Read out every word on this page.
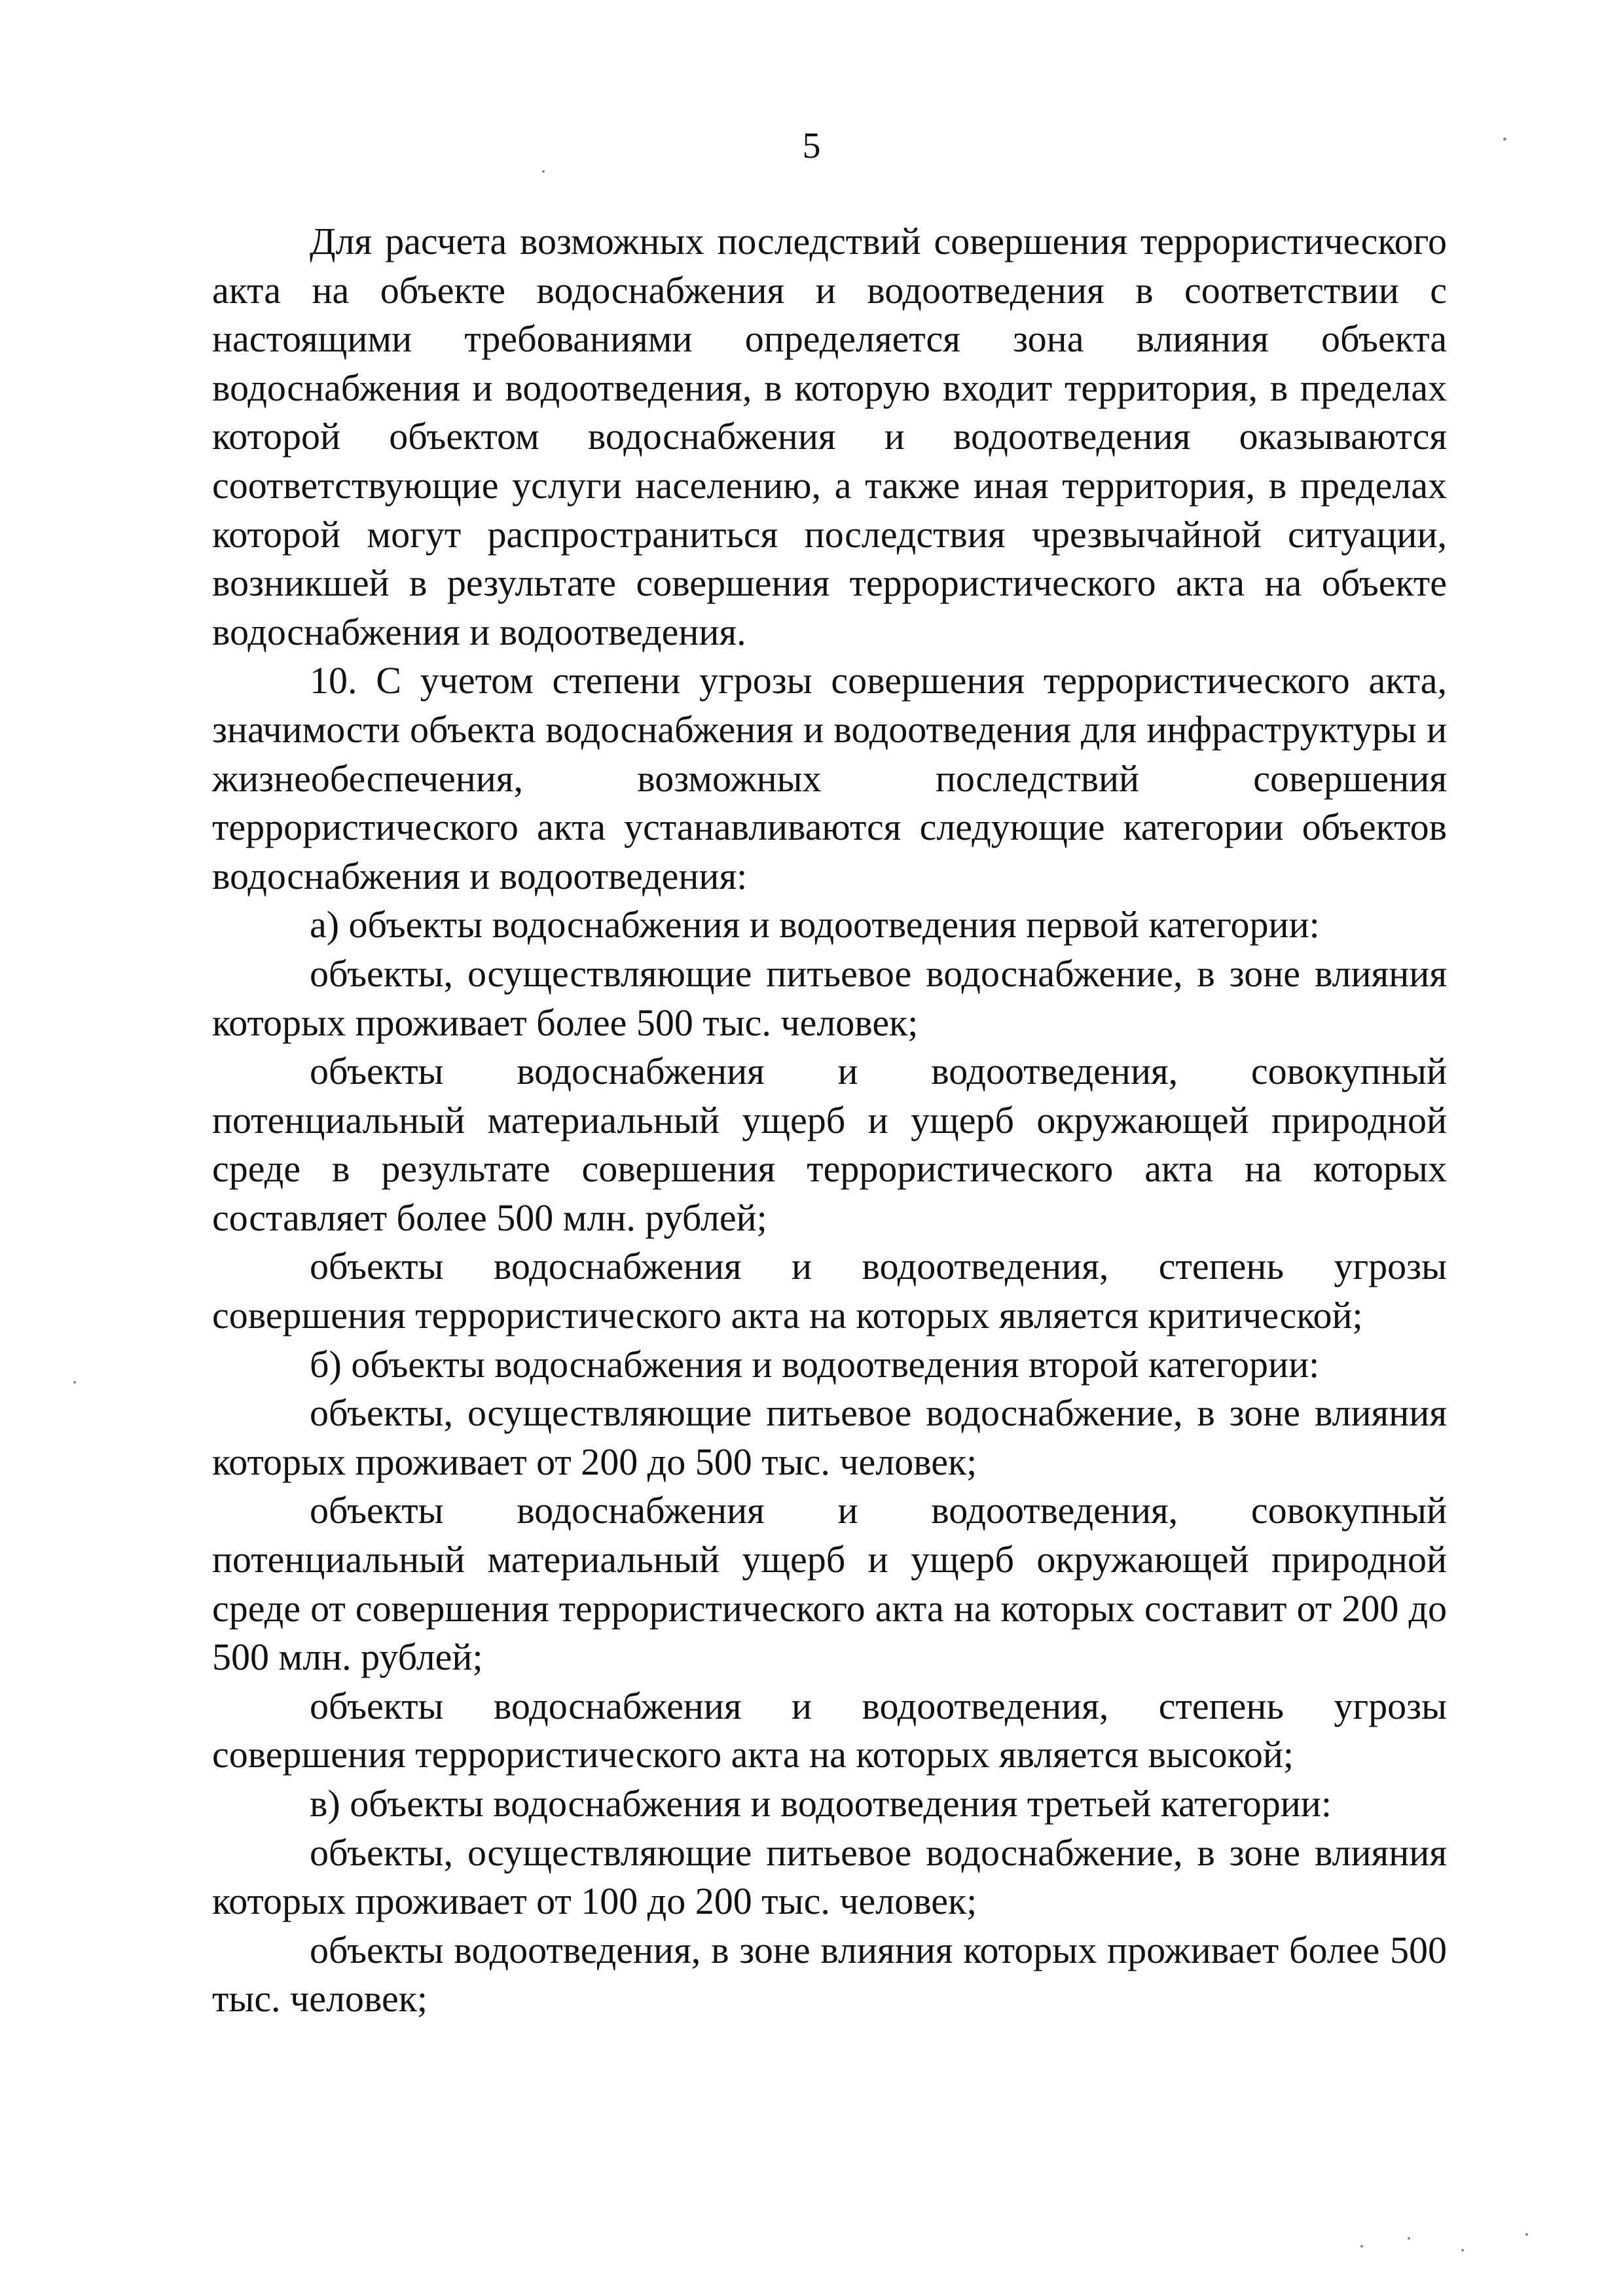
5

Для расчета возможных последствий совершения террористического акта на объекте водоснабжения и водоотведения в соответствии с настоящими требованиями определяется зона влияния объекта водоснабжения и водоотведения, в которую входит территория, в пределах которой объектом водоснабжения и водоотведения оказываются соответствующие услуги населению, а также иная территория, в пределах которой могут распространиться последствия чрезвычайной ситуации, возникшей в результате совершения террористического акта на объекте водоснабжения и водоотведения.

10. С учетом степени угрозы совершения террористического акта, значимости объекта водоснабжения и водоотведения для инфраструктуры и жизнеобеспечения, возможных последствий совершения террористического акта устанавливаются следующие категории объектов водоснабжения и водоотведения:

а) объекты водоснабжения и водоотведения первой категории:

объекты, осуществляющие питьевое водоснабжение, в зоне влияния которых проживает более 500 тыс. человек;

объекты водоснабжения и водоотведения, совокупный потенциальный материальный ущерб и ущерб окружающей природной среде в результате совершения террористического акта на которых составляет более 500 млн. рублей;

объекты водоснабжения и водоотведения, степень угрозы совершения террористического акта на которых является критической;

б) объекты водоснабжения и водоотведения второй категории:

объекты, осуществляющие питьевое водоснабжение, в зоне влияния которых проживает от 200 до 500 тыс. человек;

объекты водоснабжения и водоотведения, совокупный потенциальный материальный ущерб и ущерб окружающей природной среде от совершения террористического акта на которых составит от 200 до 500 млн. рублей;

объекты водоснабжения и водоотведения, степень угрозы совершения террористического акта на которых является высокой;

в) объекты водоснабжения и водоотведения третьей категории:

объекты, осуществляющие питьевое водоснабжение, в зоне влияния которых проживает от 100 до 200 тыс. человек;

объекты водоотведения, в зоне влияния которых проживает более 500 тыс. человек;
